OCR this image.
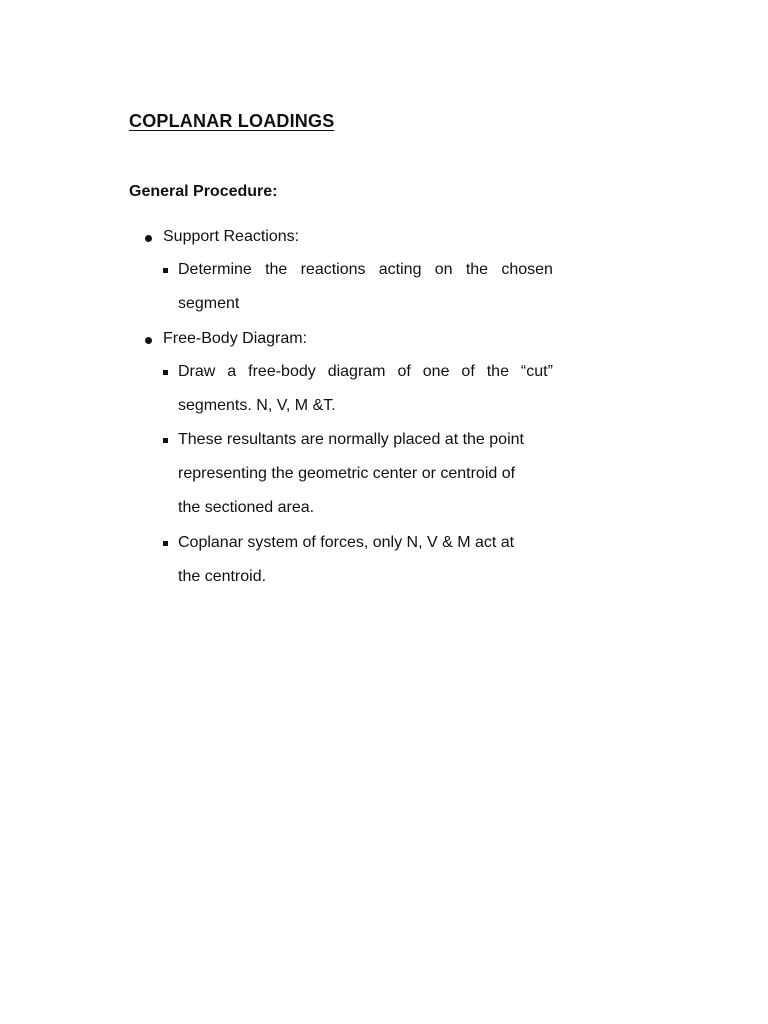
COPLANAR LOADINGS
General Procedure:
Support Reactions:
Determine the reactions acting on the chosen
segment
Free-Body Diagram:
Draw a free-body diagram of one of the “cut”
segments. N, V, M &T.
These resultants are normally placed at the point
representing the geometric center or centroid of
the sectioned area.
Coplanar system of forces, only N, V & M act at
the centroid.
